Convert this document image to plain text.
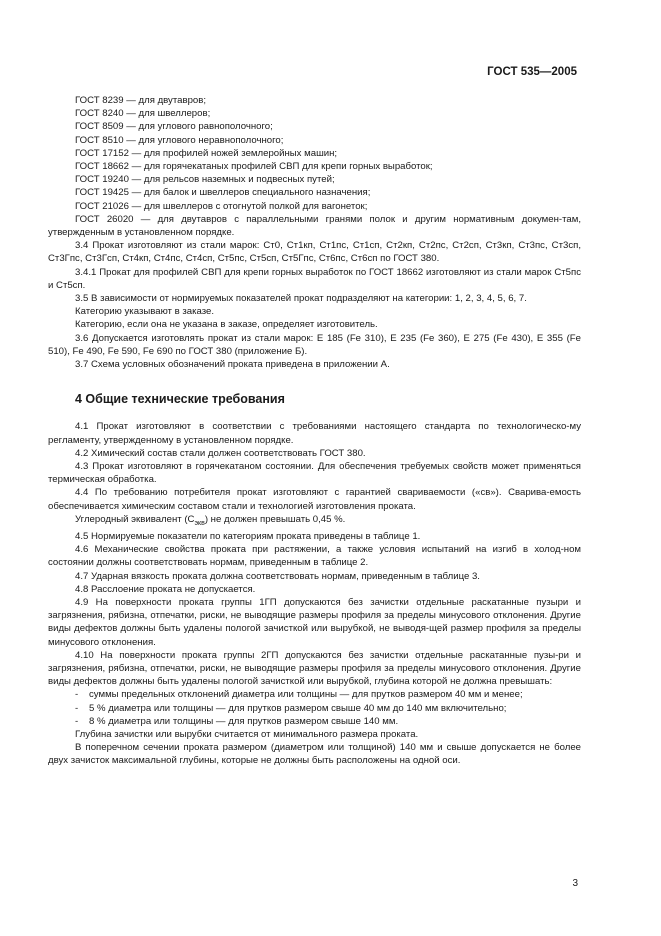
ГОСТ 535—2005
ГОСТ 8239 — для двутавров;
ГОСТ 8240 — для швеллеров;
ГОСТ 8509 — для углового равнополочного;
ГОСТ 8510 — для углового неравнополочного;
ГОСТ 17152 — для профилей ножей землеройных машин;
ГОСТ 18662 — для горячекатаных профилей СВП для крепи горных выработок;
ГОСТ 19240 — для рельсов наземных и подвесных путей;
ГОСТ 19425 — для балок и швеллеров специального назначения;
ГОСТ 21026 — для швеллеров с отогнутой полкой для вагонеток;

ГОСТ 26020 — для двутавров с параллельными гранями полок и другим нормативным докумен-там, утвержденным в установленном порядке.

3.4 Прокат изготовляют из стали марок: Ст0, Ст1кп, Ст1пс, Ст1сп, Ст2кп, Ст2пс, Ст2сп, Ст3кп, Ст3пс, Ст3сп, Ст3Гпс, Ст3Гсп, Ст4кп, Ст4пс, Ст4сп, Ст5пс, Ст5сп, Ст5Гпс, Ст6пс, Ст6сп по ГОСТ 380.

3.4.1 Прокат для профилей СВП для крепи горных выработок по ГОСТ 18662 изготовляют из стали марок Ст5пс и Ст5сп.

3.5 В зависимости от нормируемых показателей прокат подразделяют на категории: 1, 2, 3, 4, 5, 6, 7.

Категорию указывают в заказе.

Категорию, если она не указана в заказе, определяет изготовитель.

3.6 Допускается изготовлять прокат из стали марок: Е 185 (Fe 310), Е 235 (Fe 360), Е 275 (Fe 430), Е 355 (Fe 510), Fe 490, Fe 590, Fe 690 по ГОСТ 380 (приложение Б).

3.7 Схема условных обозначений проката приведена в приложении А.

4 Общие технические требования

4.1 Прокат изготовляют в соответствии с требованиями настоящего стандарта по технологическо-му регламенту, утвержденному в установленном порядке.

4.2 Химический состав стали должен соответствовать ГОСТ 380.

4.3 Прокат изготовляют в горячекатаном состоянии. Для обеспечения требуемых свойств может применяться термическая обработка.

4.4 По требованию потребителя прокат изготовляют с гарантией свариваемости («св»). Сварива-емость обеспечивается химическим составом стали и технологией изготовления проката.

Углеродный эквивалент $(С_{экв})$ не должен превышать 0,45 %.

4.5 Нормируемые показатели по категориям проката приведены в таблице 1.

4.6 Механические свойства проката при растяжении, а также условия испытаний на изгиб в холод-ном состоянии должны соответствовать нормам, приведенным в таблице 2.

4.7 Ударная вязкость проката должна соответствовать нормам, приведенным в таблице 3.

4.8 Расслоение проката не допускается.

4.9 На поверхности проката группы 1ГП допускаются без зачистки отдельные раскатанные пузыри и загрязнения, рябизна, отпечатки, риски, не выводящие размеры профиля за пределы минусового отклонения. Другие виды дефектов должны быть удалены пологой зачисткой или вырубкой, не выводя-щей размер профиля за пределы минусового отклонения.

4.10 На поверхности проката группы 2ГП допускаются без зачистки отдельные раскатанные пузы-ри и загрязнения, рябизна, отпечатки, риски, не выводящие размеры профиля за пределы минусового отклонения. Другие виды дефектов должны быть удалены пологой зачисткой или вырубкой, глубина которой не должна превышать:

- суммы предельных отклонений диаметра или толщины — для прутков размером 40 мм и менее;
- 5 % диаметра или толщины — для прутков размером свыше 40 мм до 140 мм включительно;
- 8 % диаметра или толщины — для прутков размером свыше 140 мм.

Глубина зачистки или вырубки считается от минимального размера проката.

В поперечном сечении проката размером (диаметром или толщиной) 140 мм и свыше допускается не более двух зачисток максимальной глубины, которые не должны быть расположены на одной оси.

3
